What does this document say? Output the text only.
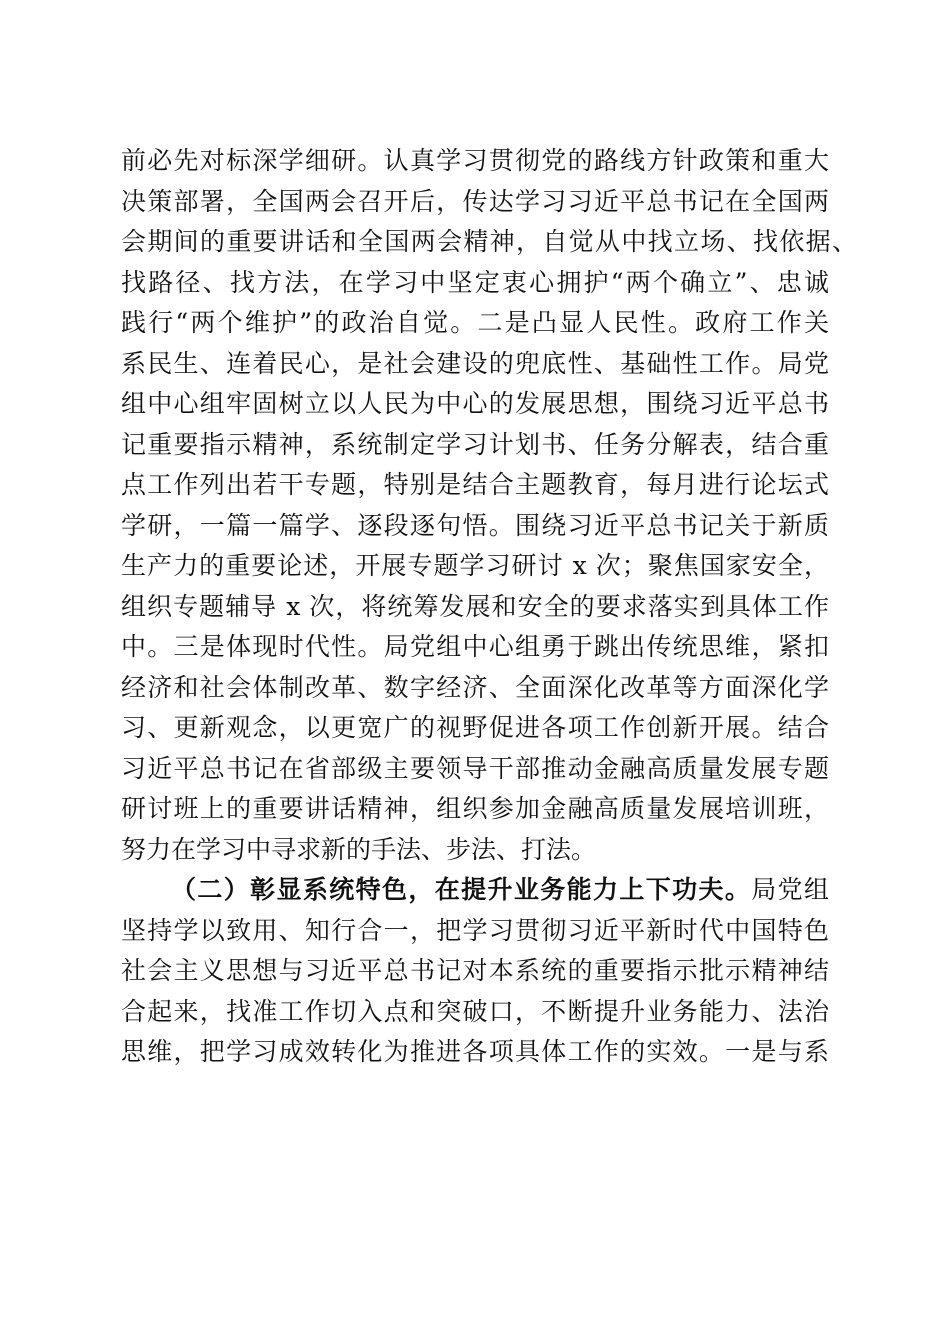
前必先对标深学细研。认真学习贯彻党的路线方针政策和重大
决策部署，全国两会召开后，传达学习习近平总书记在全国两
会期间的重要讲话和全国两会精神，自觉从中找立场、找依据、
找路径、找方法，在学习中坚定衷心拥护“两个确立”、忠诚
践行“两个维护”的政治自觉。二是凸显人民性。政府工作关
系民生、连着民心，是社会建设的兜底性、基础性工作。局党
组中心组牢固树立以人民为中心的发展思想，围绕习近平总书
记重要指示精神，系统制定学习计划书、任务分解表，结合重
点工作列出若干专题，特别是结合主题教育，每月进行论坛式
学研，一篇一篇学、逐段逐句悟。围绕习近平总书记关于新质
生产力的重要论述，开展专题学习研讨 x 次；聚焦国家安全，
组织专题辅导 x 次，将统筹发展和安全的要求落实到具体工作
中。三是体现时代性。局党组中心组勇于跳出传统思维，紧扣
经济和社会体制改革、数字经济、全面深化改革等方面深化学
习、更新观念，以更宽广的视野促进各项工作创新开展。结合
习近平总书记在省部级主要领导干部推动金融高质量发展专题
研讨班上的重要讲话精神，组织参加金融高质量发展培训班，
努力在学习中寻求新的手法、步法、打法。
（二）彰显系统特色，在提升业务能力上下功夫。局党组
坚持学以致用、知行合一，把学习贯彻习近平新时代中国特色
社会主义思想与习近平总书记对本系统的重要指示批示精神结
合起来，找准工作切入点和突破口，不断提升业务能力、法治
思维，把学习成效转化为推进各项具体工作的实效。一是与系
